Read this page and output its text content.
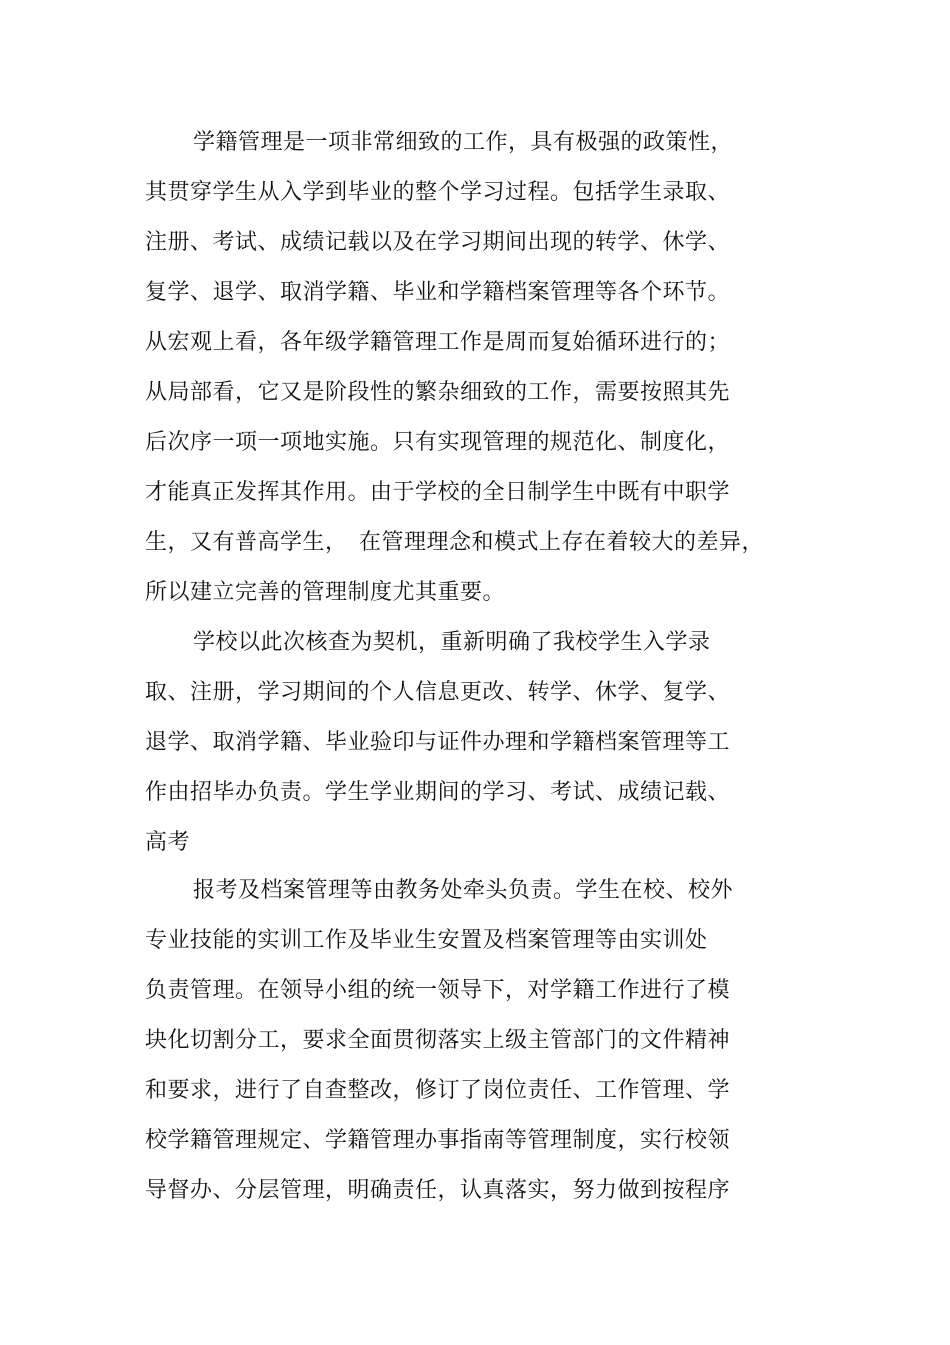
学籍管理是一项非常细致的工作，具有极强的政策性，
其贯穿学生从入学到毕业的整个学习过程。包括学生录取、
注册、考试、成绩记载以及在学习期间出现的转学、休学、
复学、退学、取消学籍、毕业和学籍档案管理等各个环节。
从宏观上看，各年级学籍管理工作是周而复始循环进行的；
从局部看，它又是阶段性的繁杂细致的工作，需要按照其先
后次序一项一项地实施。只有实现管理的规范化、制度化，
才能真正发挥其作用。由于学校的全日制学生中既有中职学
生，又有普高学生，　在管理理念和模式上存在着较大的差异，
所以建立完善的管理制度尤其重要。
学校以此次核查为契机，重新明确了我校学生入学录
取、注册，学习期间的个人信息更改、转学、休学、复学、
退学、取消学籍、毕业验印与证件办理和学籍档案管理等工
作由招毕办负责。学生学业期间的学习、考试、成绩记载、
高考
报考及档案管理等由教务处牵头负责。学生在校、校外
专业技能的实训工作及毕业生安置及档案管理等由实训处
负责管理。在领导小组的统一领导下，对学籍工作进行了模
块化切割分工，要求全面贯彻落实上级主管部门的文件精神
和要求，进行了自查整改，修订了岗位责任、工作管理、学
校学籍管理规定、学籍管理办事指南等管理制度，实行校领
导督办、分层管理，明确责任，认真落实，努力做到按程序
